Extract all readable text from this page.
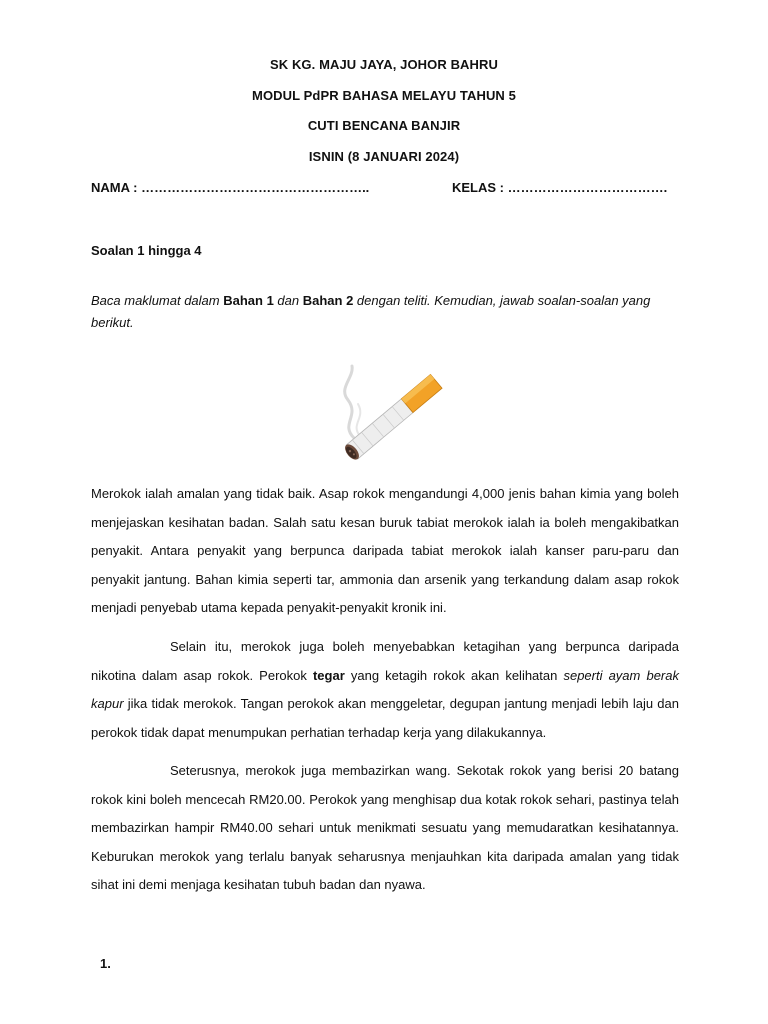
SK KG. MAJU JAYA, JOHOR BAHRU
MODUL PdPR BAHASA MELAYU TAHUN 5
CUTI BENCANA BANJIR
ISNIN (8 JANUARI 2024)
NAMA : ……………………………………………..	KELAS : ……………………………….
Soalan 1 hingga 4

Baca maklumat dalam Bahan 1 dan Bahan 2 dengan teliti. Kemudian, jawab soalan-soalan yang berikut.

Merokok ialah amalan yang tidak baik. Asap rokok mengandungi 4,000 jenis bahan kimia yang boleh menjejaskan kesihatan badan. Salah satu kesan buruk tabiat merokok ialah ia boleh mengakibatkan penyakit. Antara penyakit yang berpunca daripada tabiat merokok ialah kanser paru-paru dan penyakit jantung. Bahan kimia seperti tar, ammonia dan arsenik yang terkandung dalam asap rokok menjadi penyebab utama kepada penyakit-penyakit kronik ini.

Selain itu, merokok juga boleh menyebabkan ketagihan yang berpunca daripada nikotina dalam asap rokok. Perokok tegar yang ketagih rokok akan kelihatan seperti ayam berak kapur jika tidak merokok. Tangan perokok akan menggeletar, degupan jantung menjadi lebih laju dan perokok tidak dapat menumpukan perhatian terhadap kerja yang dilakukannya.

Seterusnya, merokok juga membazirkan wang. Sekotak rokok yang berisi 20 batang rokok kini boleh mencecah RM20.00. Perokok yang menghisap dua kotak rokok sehari, pastinya telah membazirkan hampir RM40.00 sehari untuk menikmati sesuatu yang memudaratkan kesihatannya. Keburukan merokok yang terlalu banyak seharusnya menjauhkan kita daripada amalan yang tidak sihat ini demi menjaga kesihatan tubuh badan dan nyawa.

1.
